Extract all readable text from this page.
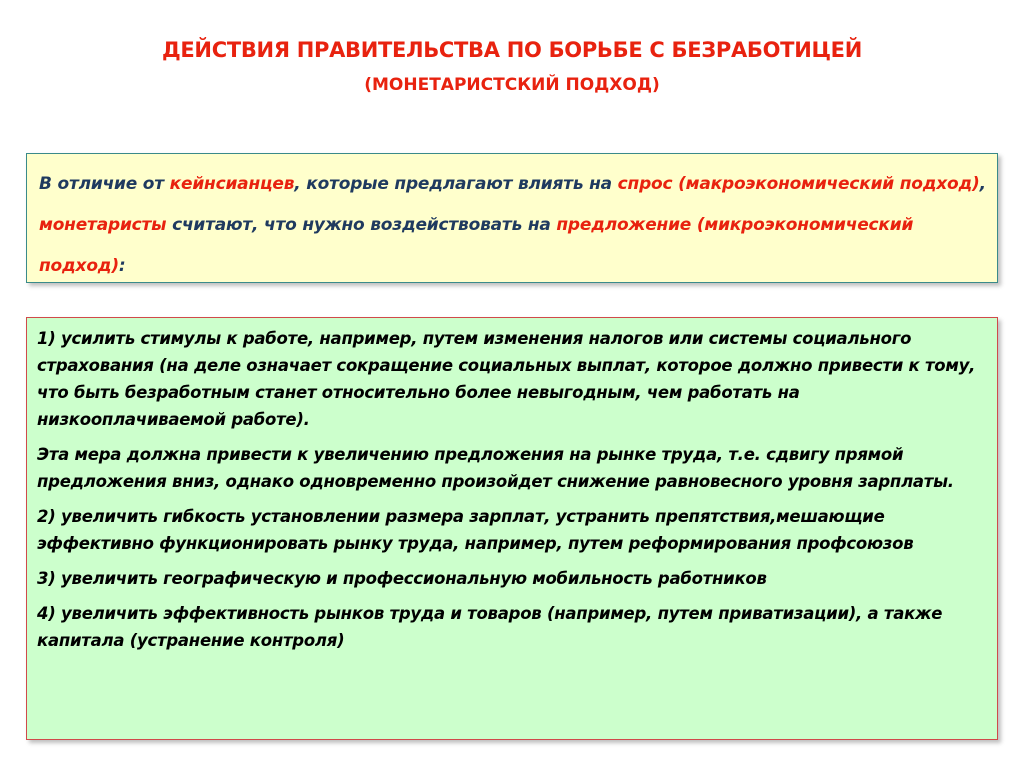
ДЕЙСТВИЯ ПРАВИТЕЛЬСТВА ПО БОРЬБЕ С БЕЗРАБОТИЦЕЙ
(МОНЕТАРИСТСКИЙ ПОДХОД)
В отличие от кейнсианцев, которые предлагают влиять на спрос (макроэкономический подход), монетаристы считают, что нужно воздействовать на предложение (микроэкономический подход):

1) усилить стимулы к работе, например, путем изменения налогов или системы социального страхования (на деле означает сокращение социальных выплат, которое должно привести к тому, что быть безработным станет относительно более невыгодным, чем работать на низкооплачиваемой работе).

Эта мера должна привести к увеличению предложения на рынке труда, т.е. сдвигу прямой предложения вниз, однако одновременно произойдет снижение равновесного уровня зарплаты.

2) увеличить гибкость установлении размера зарплат, устранить препятствия,мешающие эффективно функционировать рынку труда, например, путем реформирования профсоюзов

3) увеличить географическую и профессиональную мобильность работников

4) увеличить эффективность рынков труда и товаров (например, путем приватизации), а также капитала (устранение контроля)
